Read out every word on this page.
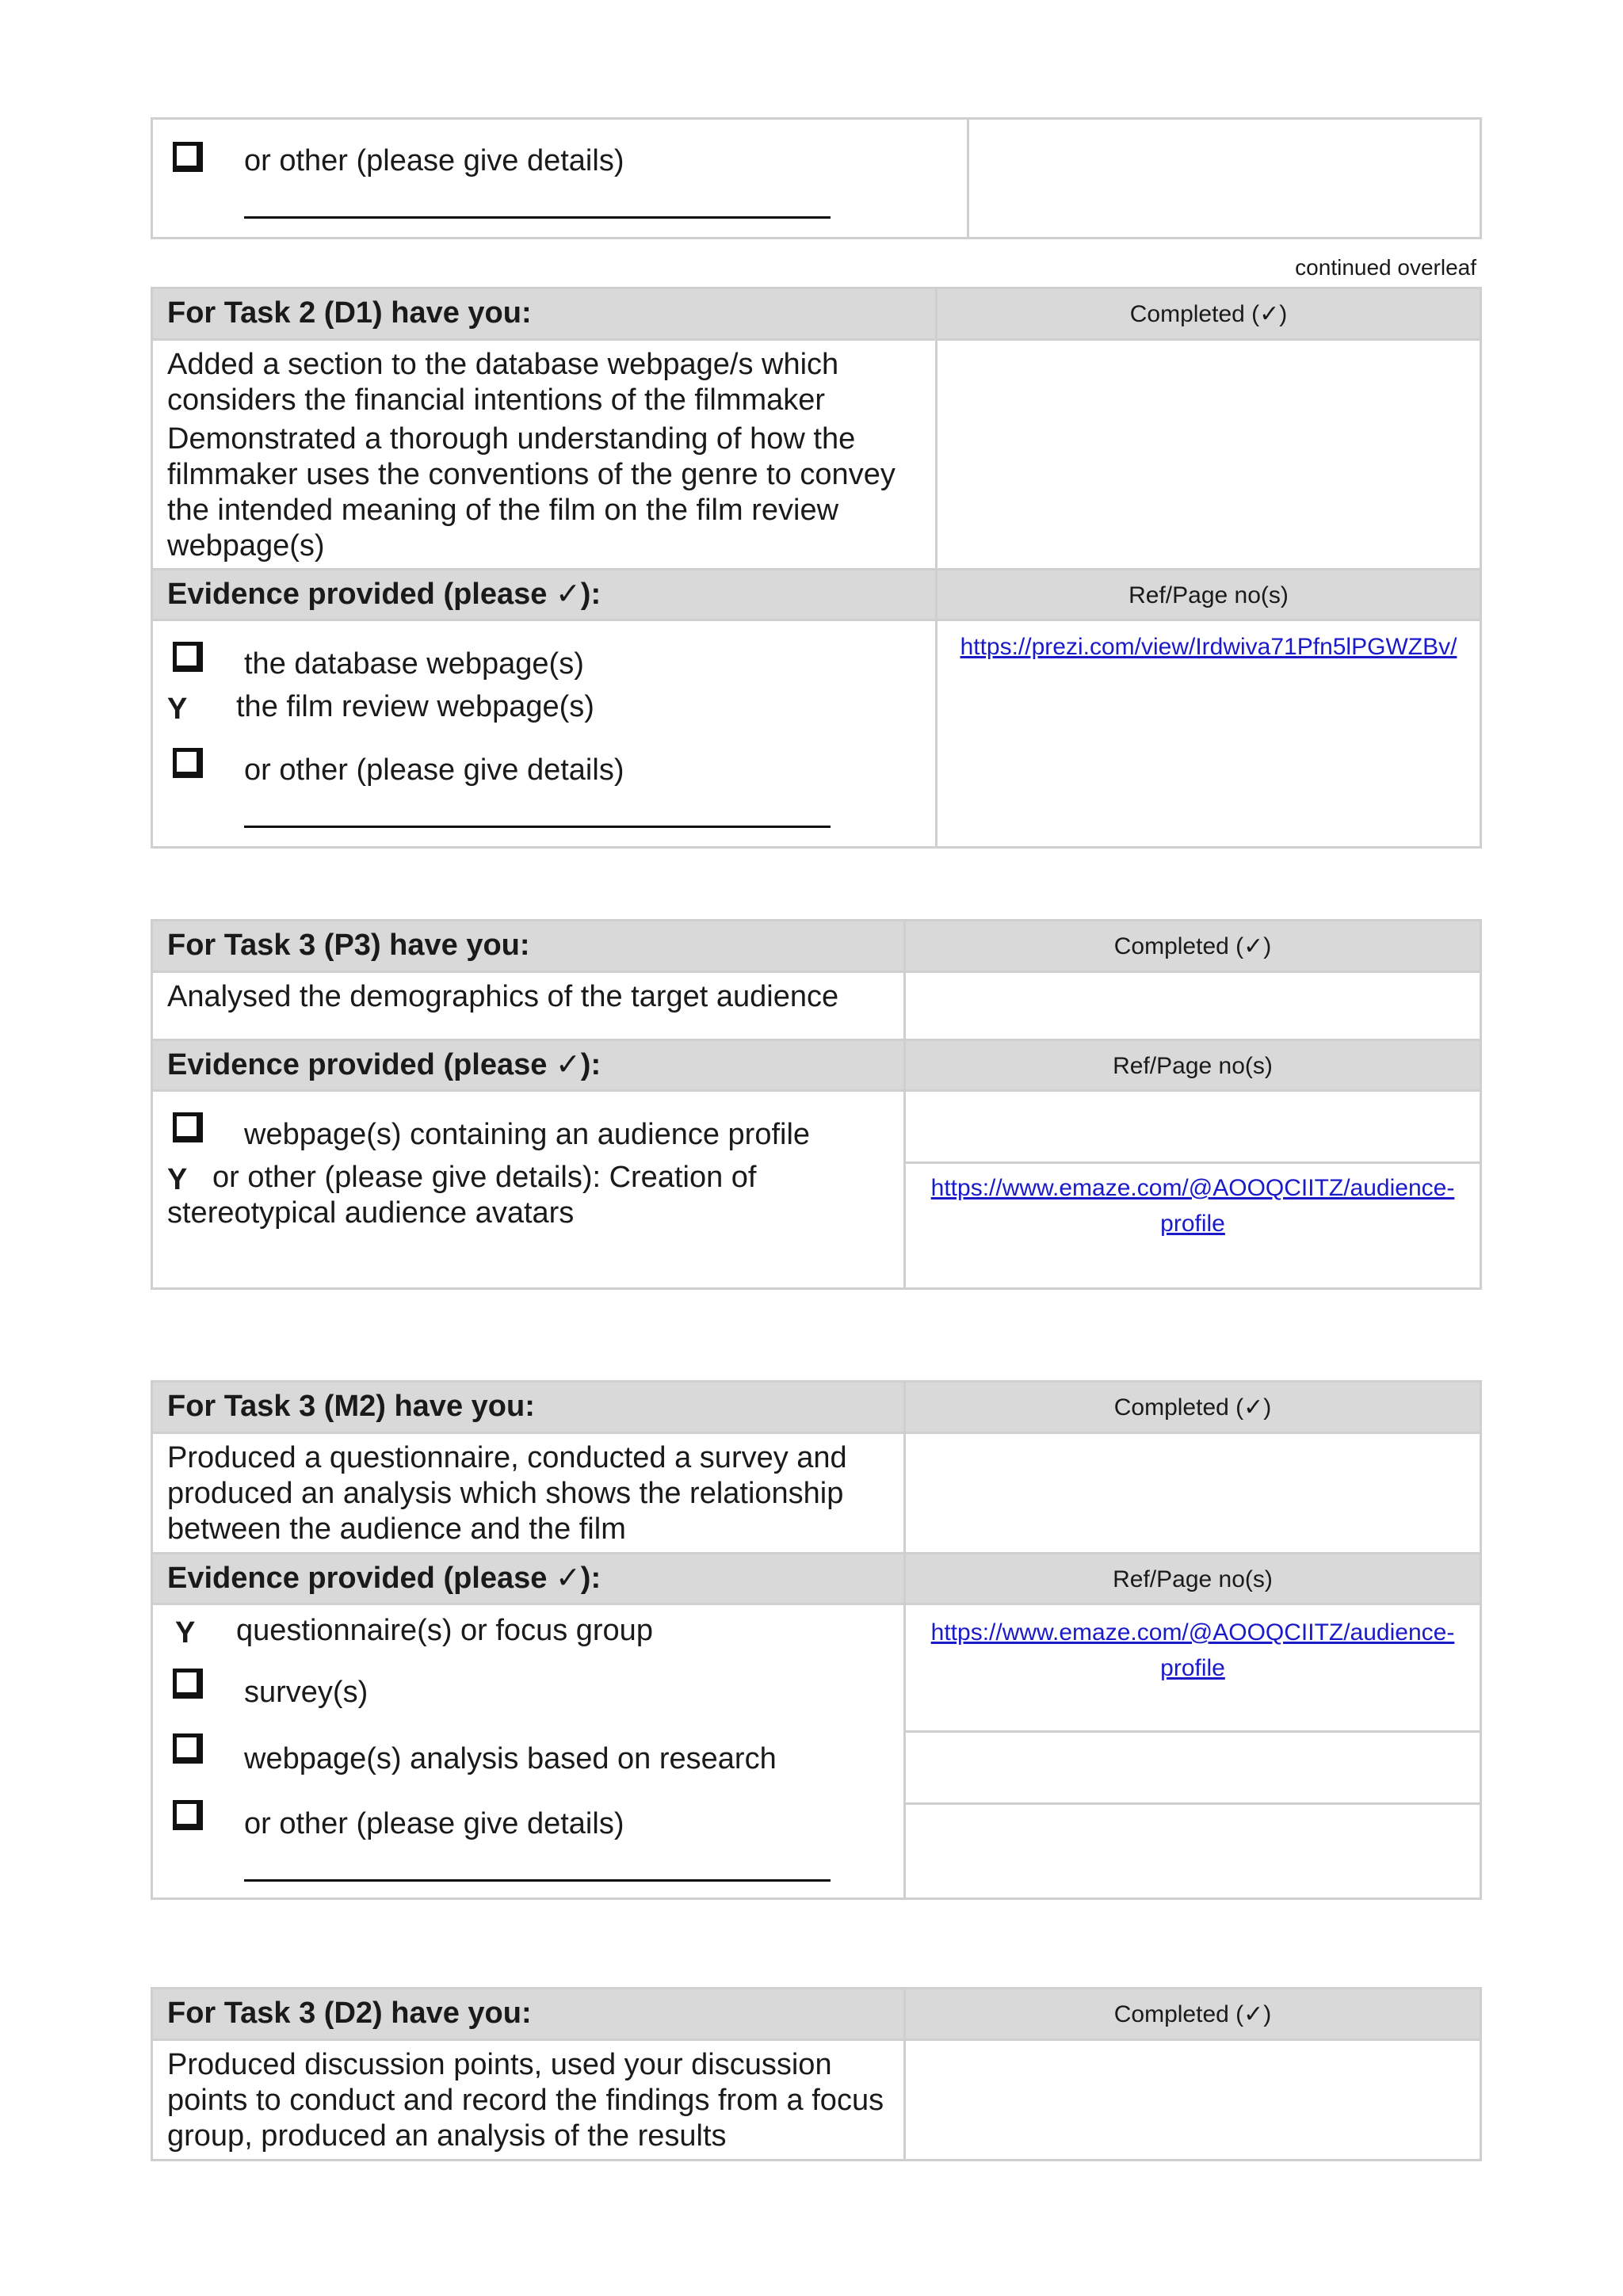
or other (please give details)
continued overleaf
For Task 2 (D1) have you:	Completed (✓)
Added a section to the database webpage/s which considers the financial intentions of the filmmaker
Demonstrated a thorough understanding of how the filmmaker uses the conventions of the genre to convey the intended meaning of the film on the film review webpage(s)
Evidence provided (please ✓):	Ref/Page no(s)
the database webpage(s)
Y the film review webpage(s)
or other (please give details)
https://prezi.com/view/Irdwiva71Pfn5lPGWZBv/
For Task 3 (P3) have you:	Completed (✓)
Analysed the demographics of the target audience
Evidence provided (please ✓):	Ref/Page no(s)
webpage(s) containing an audience profile
Y or other (please give details): Creation of stereotypical audience avatars
https://www.emaze.com/@AOOQCIITZ/audience-
profile
For Task 3 (M2) have you:	Completed (✓)
Produced a questionnaire, conducted a survey and produced an analysis which shows the relationship between the audience and the film
Evidence provided (please ✓):	Ref/Page no(s)
Y questionnaire(s) or focus group
survey(s)
webpage(s) analysis based on research
or other (please give details)
https://www.emaze.com/@AOOQCIITZ/audience-
profile
For Task 3 (D2) have you:	Completed (✓)
Produced discussion points, used your discussion points to conduct and record the findings from a focus group, produced an analysis of the results
